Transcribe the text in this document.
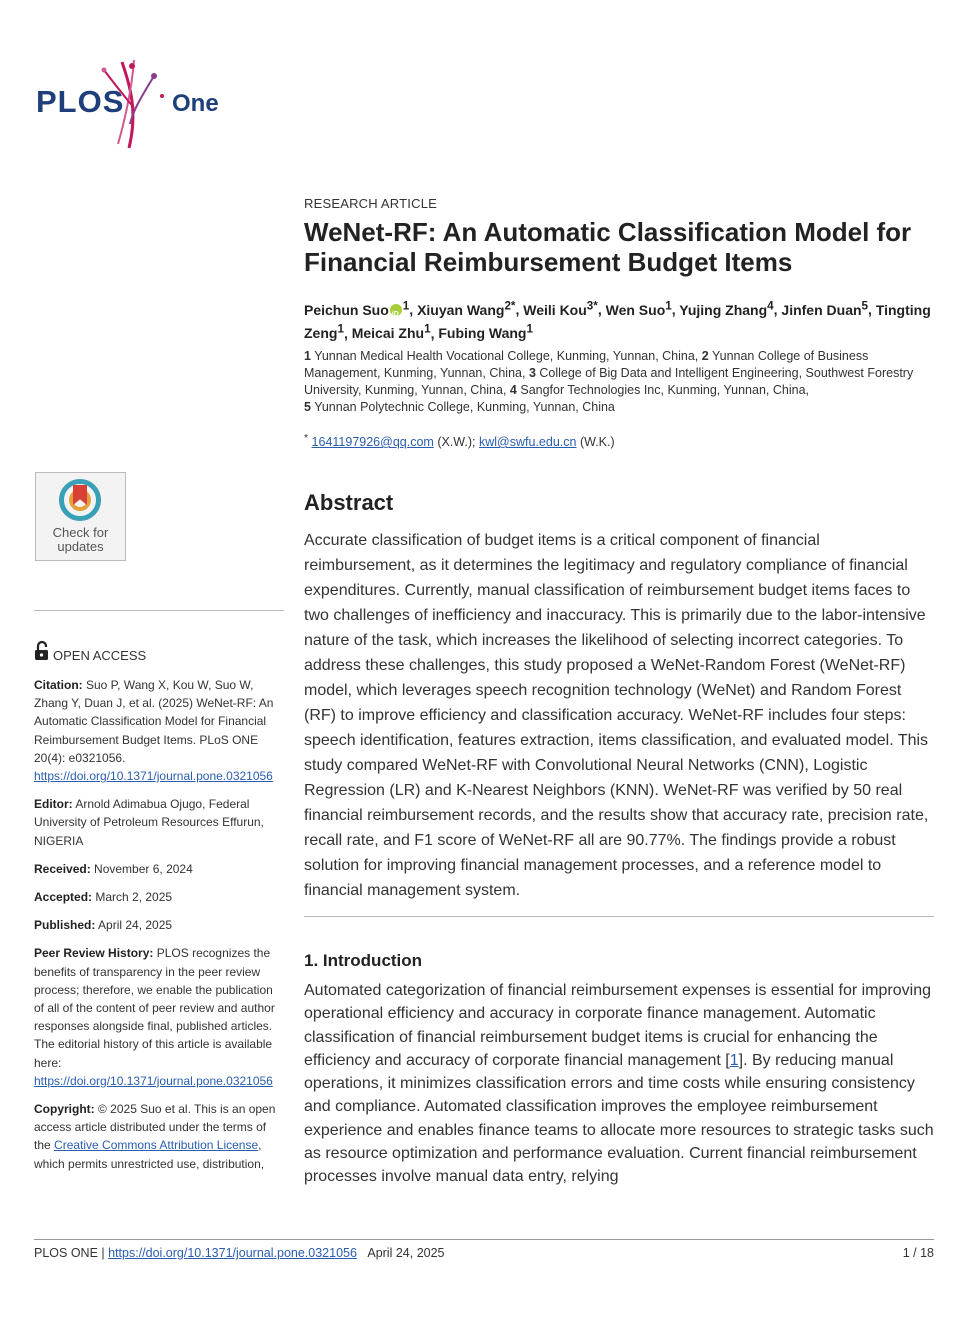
PLOS One
RESEARCH ARTICLE
WeNet-RF: An Automatic Classification Model for Financial Reimbursement Budget Items
Peichun SuoiD $^1$, Xiuyan Wang$^{2*}$, Weili Kou$^{3*}$, Wen Suo$^1$, Yujing Zhang$^4$, Jinfen Duan$^5$, Tingting Zeng$^1$, Meicai Zhu$^1$, Fubing Wang$^1$
1 Yunnan Medical Health Vocational College, Kunming, Yunnan, China, 2 Yunnan College of Business Management, Kunming, Yunnan, China, 3 College of Big Data and Intelligent Engineering, Southwest Forestry University, Kunming, Yunnan, China, 4 Sangfor Technologies Inc, Kunming, Yunnan, China,
5 Yunnan Polytechnic College, Kunming, Yunnan, China
* 1641197926@qq.com (X.W.); kwl@swfu.edu.cn (W.K.)
Check for
updates
OPEN ACCESS

Citation: Suo P, Wang X, Kou W, Suo W, Zhang Y, Duan J, et al. (2025) WeNet-RF: An Automatic Classification Model for Financial Reimbursement Budget Items. PLoS ONE 20(4): e0321056. https://doi.org/10.1371/journal.pone.0321056

Editor: Arnold Adimabua Ojugo, Federal University of Petroleum Resources Effurun, NIGERIA

Received: November 6, 2024

Accepted: March 2, 2025

Published: April 24, 2025

Peer Review History: PLOS recognizes the benefits of transparency in the peer review process; therefore, we enable the publication of all of the content of peer review and author responses alongside final, published articles. The editorial history of this article is available here: https://doi.org/10.1371/journal.pone.0321056

Copyright: © 2025 Suo et al. This is an open access article distributed under the terms of the Creative Commons Attribution License, which permits unrestricted use, distribution,

Abstract
Accurate classification of budget items is a critical component of financial reimbursement, as it determines the legitimacy and regulatory compliance of financial expenditures. Currently, manual classification of reimbursement budget items faces to two challenges of inefficiency and inaccuracy. This is primarily due to the labor-intensive nature of the task, which increases the likelihood of selecting incorrect categories. To address these challenges, this study proposed a WeNet-Random Forest (WeNet-RF) model, which leverages speech recognition technology (WeNet) and Random Forest (RF) to improve efficiency and classification accuracy. WeNet-RF includes four steps: speech identification, features extraction, items classification, and evaluated model. This study compared WeNet-RF with Convolutional Neural Networks (CNN), Logistic Regression (LR) and K-Nearest Neighbors (KNN). WeNet-RF was verified by 50 real financial reimbursement records, and the results show that accuracy rate, precision rate, recall rate, and F1 score of WeNet-RF all are 90.77%. The findings provide a robust solution for improving financial management processes, and a reference model to financial management system.
1. Introduction
Automated categorization of financial reimbursement expenses is essential for improving operational efficiency and accuracy in corporate finance management. Automatic classification of financial reimbursement budget items is crucial for enhancing the efficiency and accuracy of corporate financial management [1]. By reducing manual operations, it minimizes classification errors and time costs while ensuring consistency and compliance. Automated classification improves the employee reimbursement experience and enables finance teams to allocate more resources to strategic tasks such as resource optimization and performance evaluation. Current financial reimbursement processes involve manual data entry, relying
PLOS ONE | https://doi.org/10.1371/journal.pone.0321056 April 24, 2025	1 / 18
